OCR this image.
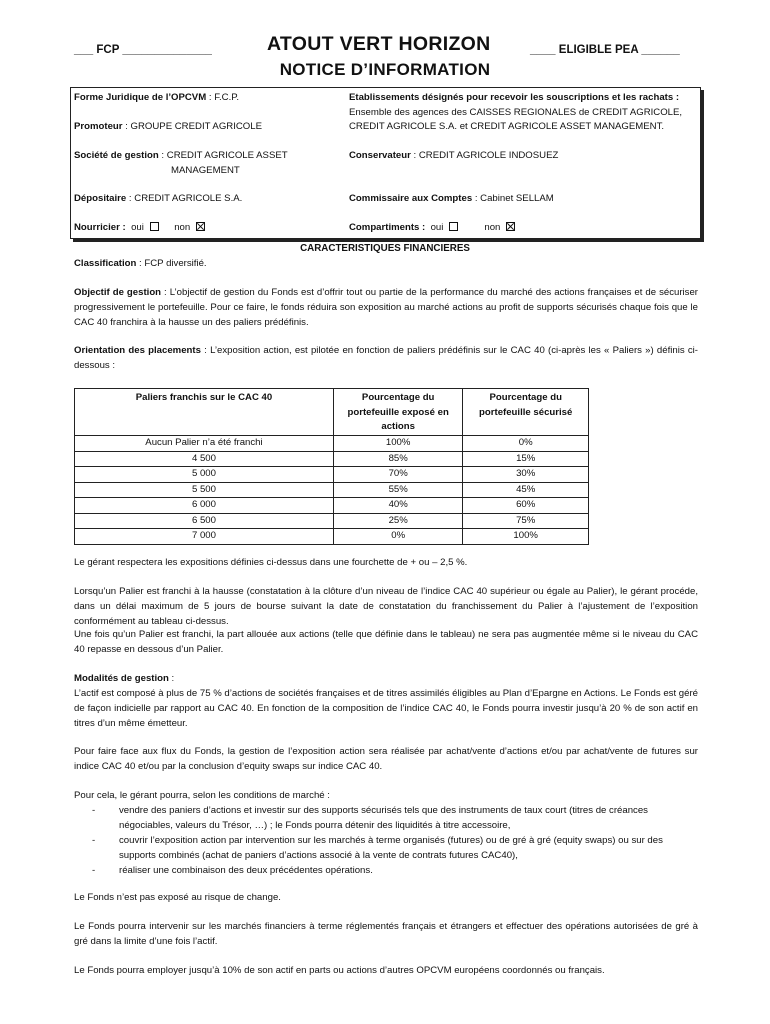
___ FCP ______________	ATOUT VERT HORIZON	____ ELIGIBLE PEA ______
NOTICE D’INFORMATION
Forme Juridique de l’OPCVM : F.C.P.	Etablissements désignés pour recevoir les souscriptions et les rachats :
Ensemble des agences des CAISSES REGIONALES de CREDIT AGRICOLE, CREDIT AGRICOLE S.A. et CREDIT AGRICOLE ASSET MANAGEMENT.
Promoteur : GROUPE CREDIT AGRICOLE
Société de gestion : CREDIT AGRICOLE ASSET
MANAGEMENT
Conservateur : CREDIT AGRICOLE INDOSUEZ
Dépositaire : CREDIT AGRICOLE S.A.	Commissaire aux Comptes : Cabinet SELLAM
Nourricier : oui	non	Compartiments : oui	non
CARACTERISTIQUES FINANCIERES
Classification : FCP diversifié.
Objectif de gestion : L’objectif de gestion du Fonds est d’offrir tout ou partie de la performance du marché des actions françaises et de sécuriser progressivement le portefeuille. Pour ce faire, le fonds réduira son exposition au marché actions au profit de supports sécurisés chaque fois que le CAC 40 franchira à la hausse un des paliers prédéfinis.
Orientation des placements : L’exposition action, est pilotée en fonction de paliers prédéfinis sur le CAC 40 (ci-après les « Paliers ») définis ci-dessous :
Paliers franchis sur le CAC 40	Pourcentage du portefeuille exposé en actions	Pourcentage du portefeuille sécurisé
Aucun Palier n’a été franchi	100%	0%
4 500	85%	15%
5 000	70%	30%
5 500	55%	45%
6 000	40%	60%
6 500	25%	75%
7 000	0%	100%
Le gérant respectera les expositions définies ci-dessus dans une fourchette de + ou – 2,5 %.
Lorsqu’un Palier est franchi à la hausse (constatation à la clôture d’un niveau de l’indice CAC 40 supérieur ou égale au Palier), le gérant procéde, dans un délai maximum de 5 jours de bourse suivant la date de constatation du franchissement du Palier à l’ajustement de l’exposition conformément au tableau ci-dessus.
Une fois qu’un Palier est franchi, la part allouée aux actions (telle que définie dans le tableau) ne sera pas augmentée même si le niveau du CAC 40 repasse en dessous d’un Palier.
Modalités de gestion :
L’actif est composé à plus de 75 % d’actions de sociétés françaises et de titres assimilés éligibles au Plan d’Epargne en Actions. Le Fonds est géré de façon indicielle par rapport au CAC 40. En fonction de la composition de l’indice CAC 40, le Fonds pourra investir jusqu’à 20 % de son actif en titres d’un même émetteur.
Pour faire face aux flux du Fonds, la gestion de l’exposition action sera réalisée par achat/vente d’actions et/ou par achat/vente de futures sur indice CAC 40 et/ou par la conclusion d’equity swaps sur indice CAC 40.
Pour cela, le gérant pourra, selon les conditions de marché :
- vendre des paniers d’actions et investir sur des supports sécurisés tels que des instruments de taux court (titres de créances négociables, valeurs du Trésor, …) ; le Fonds pourra détenir des liquidités à titre accessoire,
- couvrir l’exposition action par intervention sur les marchés à terme organisés (futures) ou de gré à gré (equity swaps) ou sur des supports combinés (achat de paniers d’actions associé à la vente de contrats futures CAC40),
- réaliser une combinaison des deux précédentes opérations.
Le Fonds n’est pas exposé au risque de change.
Le Fonds pourra intervenir sur les marchés financiers à terme réglementés français et étrangers et effectuer des opérations autorisées de gré à gré dans la limite d’une fois l’actif.
Le Fonds pourra employer jusqu’à 10% de son actif en parts ou actions d’autres OPCVM européens coordonnés ou français.
